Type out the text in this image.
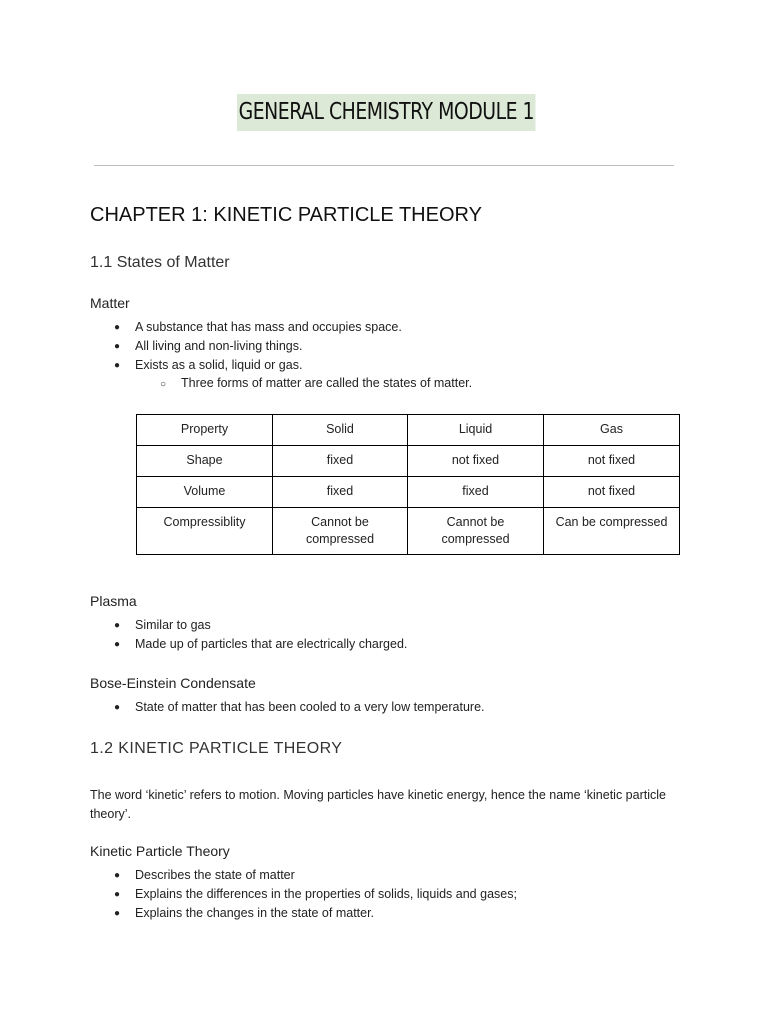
GENERAL CHEMISTRY MODULE 1
CHAPTER 1: KINETIC PARTICLE THEORY
1.1 States of Matter
Matter
● A substance that has mass and occupies space.
● All living and non-living things.
● Exists as a solid, liquid or gas.
○ Three forms of matter are called the states of matter.
Property	Solid	Liquid	Gas
Shape	fixed	not fixed	not fixed
Volume	fixed	fixed	not fixed
Compressiblity	Cannot be compressed	Cannot be compressed	Can be compressed
Plasma
● Similar to gas
● Made up of particles that are electrically charged.
Bose-Einstein Condensate
● State of matter that has been cooled to a very low temperature.
1.2 KINETIC PARTICLE THEORY
The word ‘kinetic’ refers to motion. Moving particles have kinetic energy, hence the name ‘kinetic particle theory’.
Kinetic Particle Theory
● Describes the state of matter
● Explains the differences in the properties of solids, liquids and gases;
● Explains the changes in the state of matter.
